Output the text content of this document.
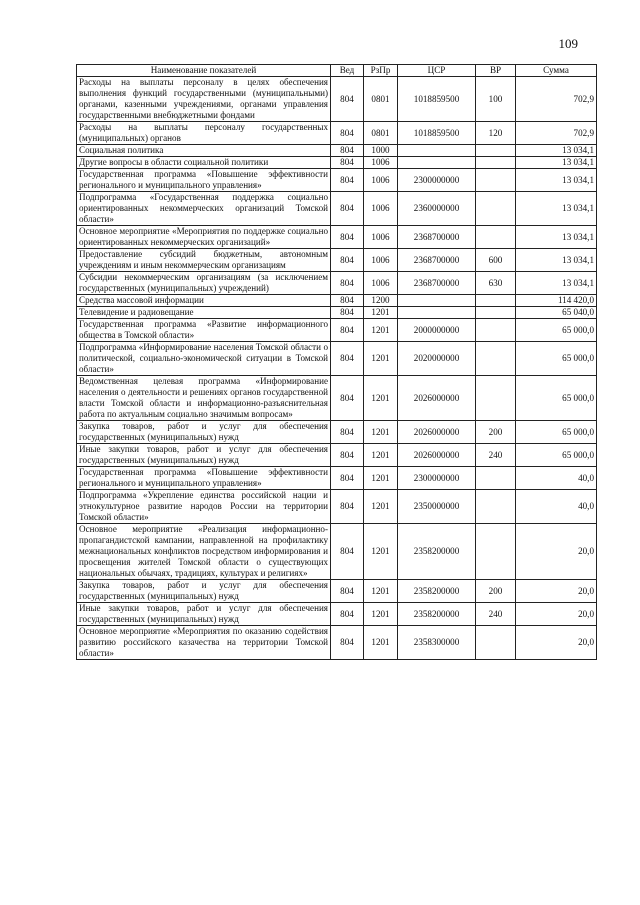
109
Наименование показателей	Вед	РзПр	ЦСР	ВР	Сумма
Расходы на выплаты персоналу в целях обеспечения выполнения функций государственными (муниципальными) органами, казенными учреждениями, органами управления государственными внебюджетными фондами	804	0801	1018859500	100	702,9
Расходы на выплаты персоналу государственных (муниципальных) органов	804	0801	1018859500	120	702,9
Социальная политика	804	1000			13 034,1
Другие вопросы в области социальной политики	804	1006			13 034,1
Государственная программа «Повышение эффективности регионального и муниципального управления»	804	1006	2300000000		13 034,1
Подпрограмма «Государственная поддержка социально ориентированных некоммерческих организаций Томской области»	804	1006	2360000000		13 034,1
Основное мероприятие «Мероприятия по поддержке социально ориентированных некоммерческих организаций»	804	1006	2368700000		13 034,1
Предоставление субсидий бюджетным, автономным учреждениям и иным некоммерческим организациям	804	1006	2368700000	600	13 034,1
Субсидии некоммерческим организациям (за исключением государственных (муниципальных) учреждений)	804	1006	2368700000	630	13 034,1
Средства массовой информации	804	1200			114 420,0
Телевидение и радиовещание	804	1201			65 040,0
Государственная программа «Развитие информационного общества в Томской области»	804	1201	2000000000		65 000,0
Подпрограмма «Информирование населения Томской области о политической, социально-экономической ситуации в Томской области»	804	1201	2020000000		65 000,0
Ведомственная целевая программа «Информирование населения о деятельности и решениях органов государственной власти Томской области и информационно-разъяснительная работа по актуальным социально значимым вопросам»	804	1201	2026000000		65 000,0
Закупка товаров, работ и услуг для обеспечения государственных (муниципальных) нужд	804	1201	2026000000	200	65 000,0
Иные закупки товаров, работ и услуг для обеспечения государственных (муниципальных) нужд	804	1201	2026000000	240	65 000,0
Государственная программа «Повышение эффективности регионального и муниципального управления»	804	1201	2300000000		40,0
Подпрограмма «Укрепление единства российской нации и этнокультурное развитие народов России на территории Томской области»	804	1201	2350000000		40,0
Основное мероприятие «Реализация информационно-пропагандистской кампании, направленной на профилактику межнациональных конфликтов посредством информирования и просвещения жителей Томской области о существующих национальных обычаях, традициях, культурах и религиях»	804	1201	2358200000		20,0
Закупка товаров, работ и услуг для обеспечения государственных (муниципальных) нужд	804	1201	2358200000	200	20,0
Иные закупки товаров, работ и услуг для обеспечения государственных (муниципальных) нужд	804	1201	2358200000	240	20,0
Основное мероприятие «Мероприятия по оказанию содействия развитию российского казачества на территории Томской области»	804	1201	2358300000		20,0
